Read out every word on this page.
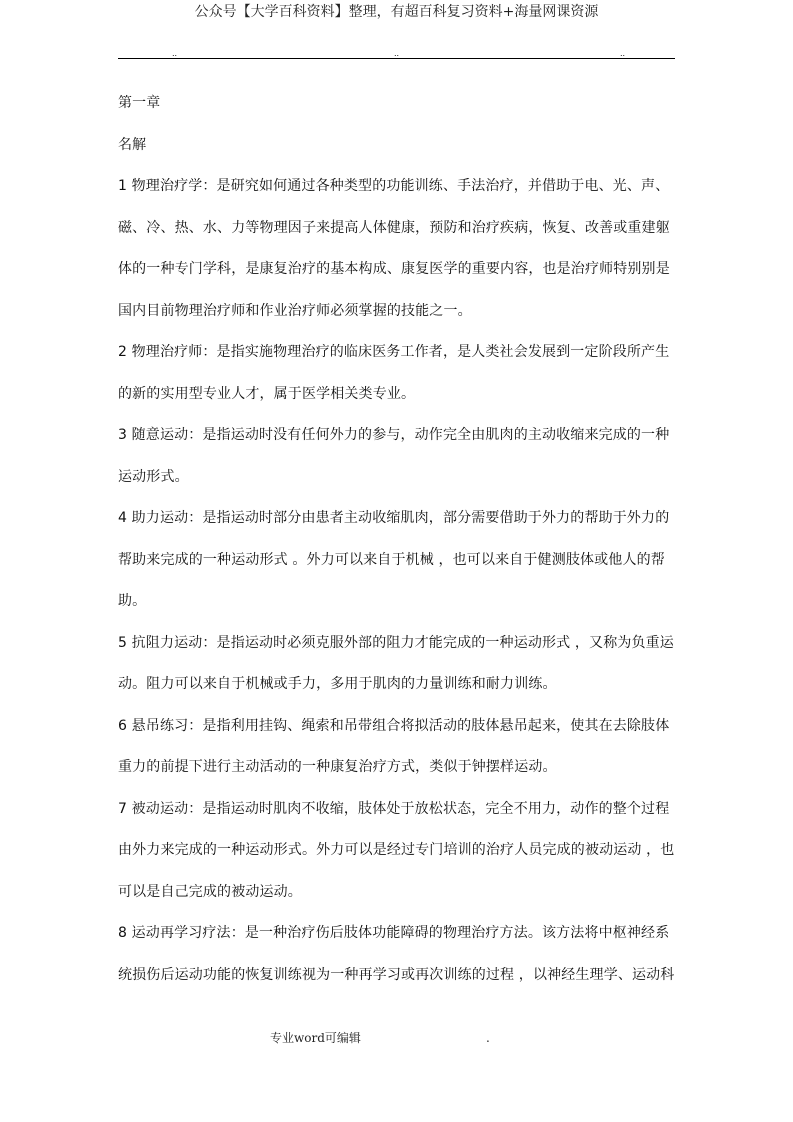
公众号【大学百科资料】整理，有超百科复习资料+海量网课资源
..	..	..
第一章
名解
1 物理治疗学：是研究如何通过各种类型的功能训练、手法治疗，并借助于电、光、声、
磁、冷、热、水、力等物理因子来提高人体健康，预防和治疗疾病，恢复、改善或重建躯
体的一种专门学科，是康复治疗的基本构成、康复医学的重要内容，也是治疗师特别别是
国内目前物理治疗师和作业治疗师必须掌握的技能之一。
2 物理治疗师：是指实施物理治疗的临床医务工作者，是人类社会发展到一定阶段所产生
的新的实用型专业人才，属于医学相关类专业。
3 随意运动：是指运动时没有任何外力的参与，动作完全由肌肉的主动收缩来完成的一种
运动形式。
4 助力运动：是指运动时部分由患者主动收缩肌肉，部分需要借助于外力的帮助于外力的
帮助来完成的一种运动形式 。外力可以来自于机械 ，也可以来自于健测肢体或他人的帮
助。
5 抗阻力运动：是指运动时必须克服外部的阻力才能完成的一种运动形式 ，又称为负重运
动。阻力可以来自于机械或手力，多用于肌肉的力量训练和耐力训练。
6 悬吊练习：是指利用挂钩、绳索和吊带组合将拟活动的肢体悬吊起来，使其在去除肢体
重力的前提下进行主动活动的一种康复治疗方式，类似于钟摆样运动。
7 被动运动：是指运动时肌肉不收缩，肢体处于放松状态，完全不用力，动作的整个过程
由外力来完成的一种运动形式。外力可以是经过专门培训的治疗人员完成的被动运动 ，也
可以是自己完成的被动运动。
8 运动再学习疗法：是一种治疗伤后肢体功能障碍的物理治疗方法。该方法将中枢神经系
统损伤后运动功能的恢复训练视为一种再学习或再次训练的过程 ，以神经生理学、运动科
专业word可编辑	.
